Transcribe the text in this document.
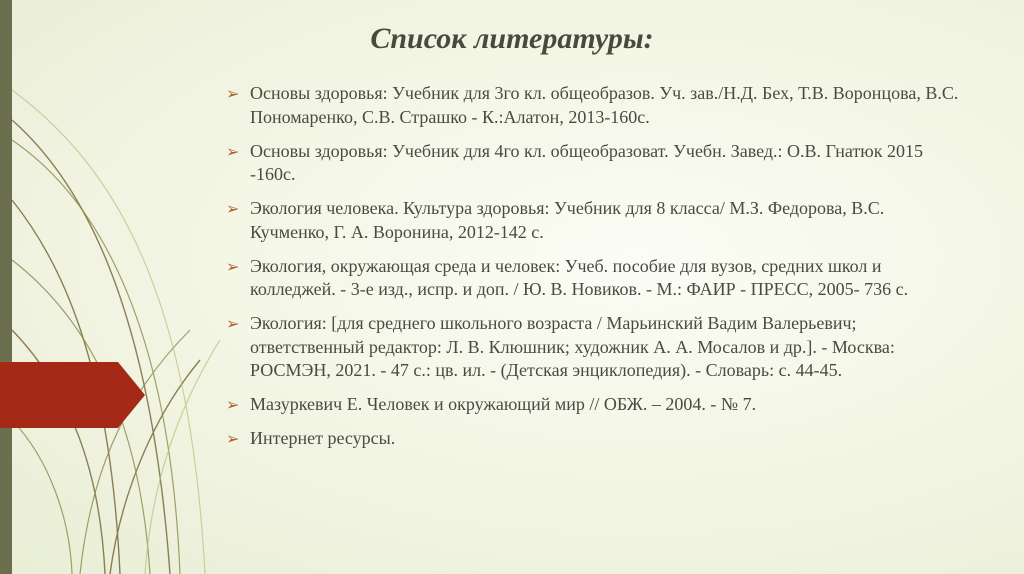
Список литературы:
➢ Основы здоровья: Учебник для 3го кл. общеобразов. Уч. зав./Н.Д. Бех, Т.В. Воронцова, В.С. Пономаренко, С.В. Страшко - К.:Алатон, 2013-160с.
➢ Основы здоровья: Учебник для 4го кл. общеобразоват. Учебн. Завед.: О.В. Гнатюк 2015 -160с.
➢ Экология человека. Культура здоровья: Учебник для 8 класса/ М.З. Федорова, В.С. Кучменко, Г. А. Воронина, 2012-142 с.
➢ Экология, окружающая среда и человек: Учеб. пособие для вузов, средних школ и колледжей. - 3-е изд., испр. и доп. / Ю. В. Новиков. - М.: ФАИР - ПРЕСС, 2005- 736 с.
➢ Экология: [для среднего школьного возраста / Марьинский Вадим Валерьевич; ответственный редактор: Л. В. Клюшник; художник А. А. Мосалов и др.]. - Москва: РОСМЭН, 2021. - 47 с.: цв. ил. - (Детская энциклопедия). - Словарь: с. 44-45.
➢ Мазуркевич Е. Человек и окружающий мир // ОБЖ. – 2004. - № 7.
➢ Интернет ресурсы.
